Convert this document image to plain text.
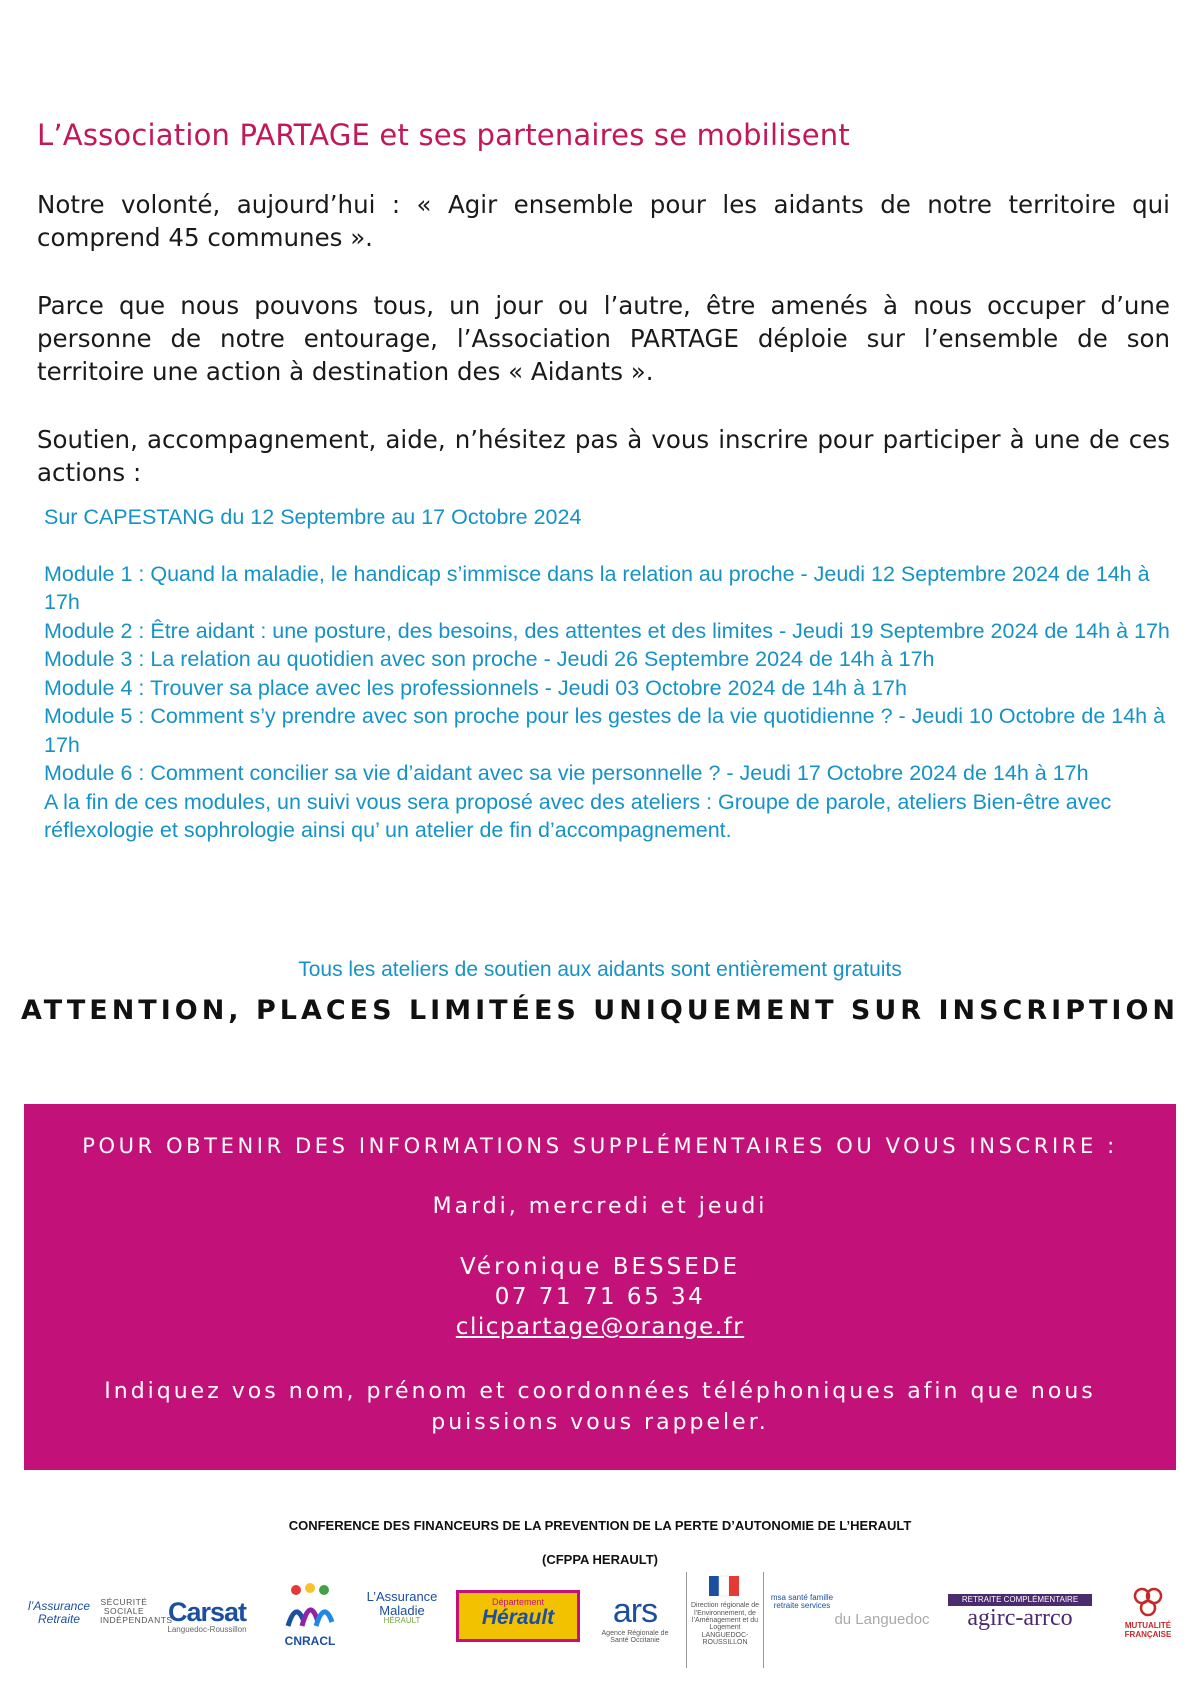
L’Association PARTAGE et ses partenaires se mobilisent

Notre volonté, aujourd’hui : « Agir ensemble pour les aidants de notre territoire qui comprend 45 communes ».

Parce que nous pouvons tous, un jour ou l’autre, être amenés à nous occuper d’une personne de notre entourage, l’Association PARTAGE déploie sur l’ensemble de son territoire une action à destination des « Aidants ».

Soutien, accompagnement, aide, n’hésitez pas à vous inscrire pour participer à une de ces actions :

Sur CAPESTANG du 12 Septembre au 17 Octobre 2024

Module 1 : Quand la maladie, le handicap s’immisce dans la relation au proche - Jeudi 12 Septembre 2024 de 14h à 17h

Module 2 : Être aidant : une posture, des besoins, des attentes et des limites - Jeudi 19 Septembre 2024 de 14h à 17h

Module 3 : La relation au quotidien avec son proche - Jeudi 26 Septembre 2024 de 14h à 17h

Module 4 : Trouver sa place avec les professionnels - Jeudi 03 Octobre 2024 de 14h à 17h

Module 5 : Comment s’y prendre avec son proche pour les gestes de la vie quotidienne ? - Jeudi 10 Octobre de 14h à 17h

Module 6 : Comment concilier sa vie d’aidant avec sa vie personnelle ? - Jeudi 17 Octobre 2024 de 14h à 17h

A la fin de ces modules, un suivi vous sera proposé avec des ateliers : Groupe de parole, ateliers Bien-être avec réflexologie et sophrologie ainsi qu’ un atelier de fin d’accompagnement.

Tous les ateliers de soutien aux aidants sont entièrement gratuits
ATTENTION, PLACES LIMITÉES UNIQUEMENT SUR INSCRIPTION

POUR OBTENIR DES INFORMATIONS SUPPLÉMENTAIRES OU VOUS INSCRIRE :

Mardi, mercredi et jeudi

Véronique BESSEDE

07 71 71 65 34

clicpartage@orange.fr

Indiquez vos nom, prénom et coordonnées téléphoniques afin que nous puissions vous rappeler.

CONFERENCE DES FINANCEURS DE LA PREVENTION DE LA PERTE D’AUTONOMIE DE L’HERAULT
(CFPPA HERAULT)
l’Assurance Retraite
SÉCURITÉ SOCIALE INDÉPENDANTS
Carsat
Languedoc-Roussillon
CNRACL
L’Assurance Maladie
HÉRAULT
Département
Hérault	ars
Agence Régionale de Santé Occitanie
Direction régionale de l’Environnement, de l’Aménagement et du Logement LANGUEDOC-ROUSSILLON
msa santé famille retraite services
du Languedoc
RETRAITE COMPLÉMENTAIRE
agirc-arrco	MUTUALITÉ FRANÇAISE
